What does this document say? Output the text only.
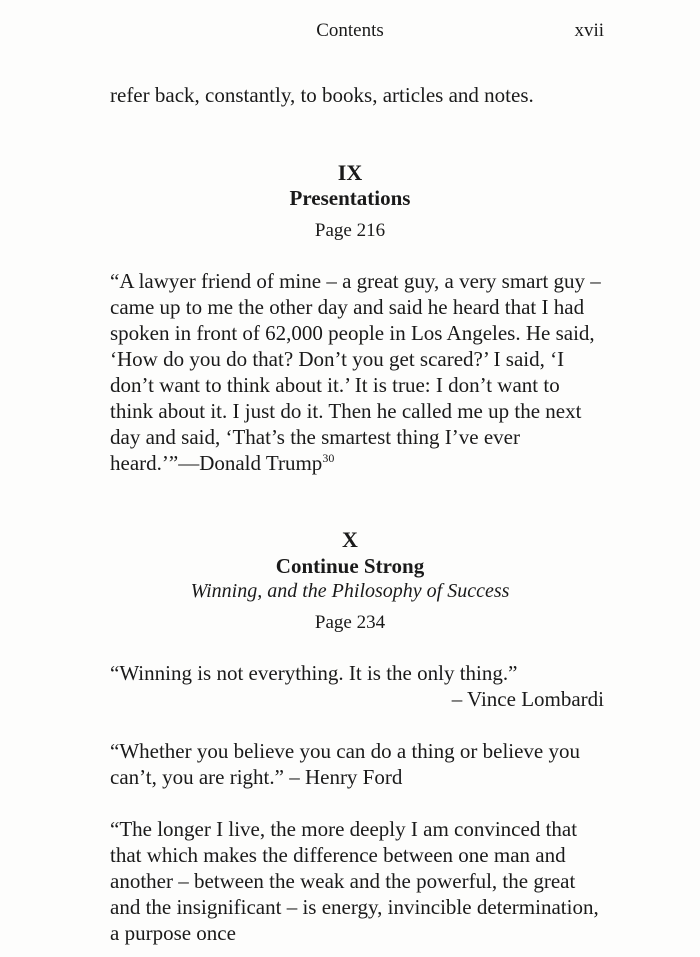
Contents	xvii
refer back, constantly, to books, articles and notes.
IX
Presentations
Page 216
“A lawyer friend of mine – a great guy, a very smart guy – came up to me the other day and said he heard that I had spoken in front of 62,000 people in Los Angeles. He said, ‘How do you do that? Don’t you get scared?’ I said, ‘I don’t want to think about it.’ It is true: I don’t want to think about it. I just do it. Then he called me up the next day and said, ‘That’s the smartest thing I’ve ever heard.’”—Donald Trump$^{30}$
X
Continue Strong
Winning, and the Philosophy of Success
Page 234
“Winning is not everything. It is the only thing.”
– Vince Lombardi
“Whether you believe you can do a thing or believe you can’t, you are right.” – Henry Ford
“The longer I live, the more deeply I am convinced that that which makes the difference between one man and another – between the weak and the powerful, the great and the insignificant – is energy, invincible determination, a purpose once
